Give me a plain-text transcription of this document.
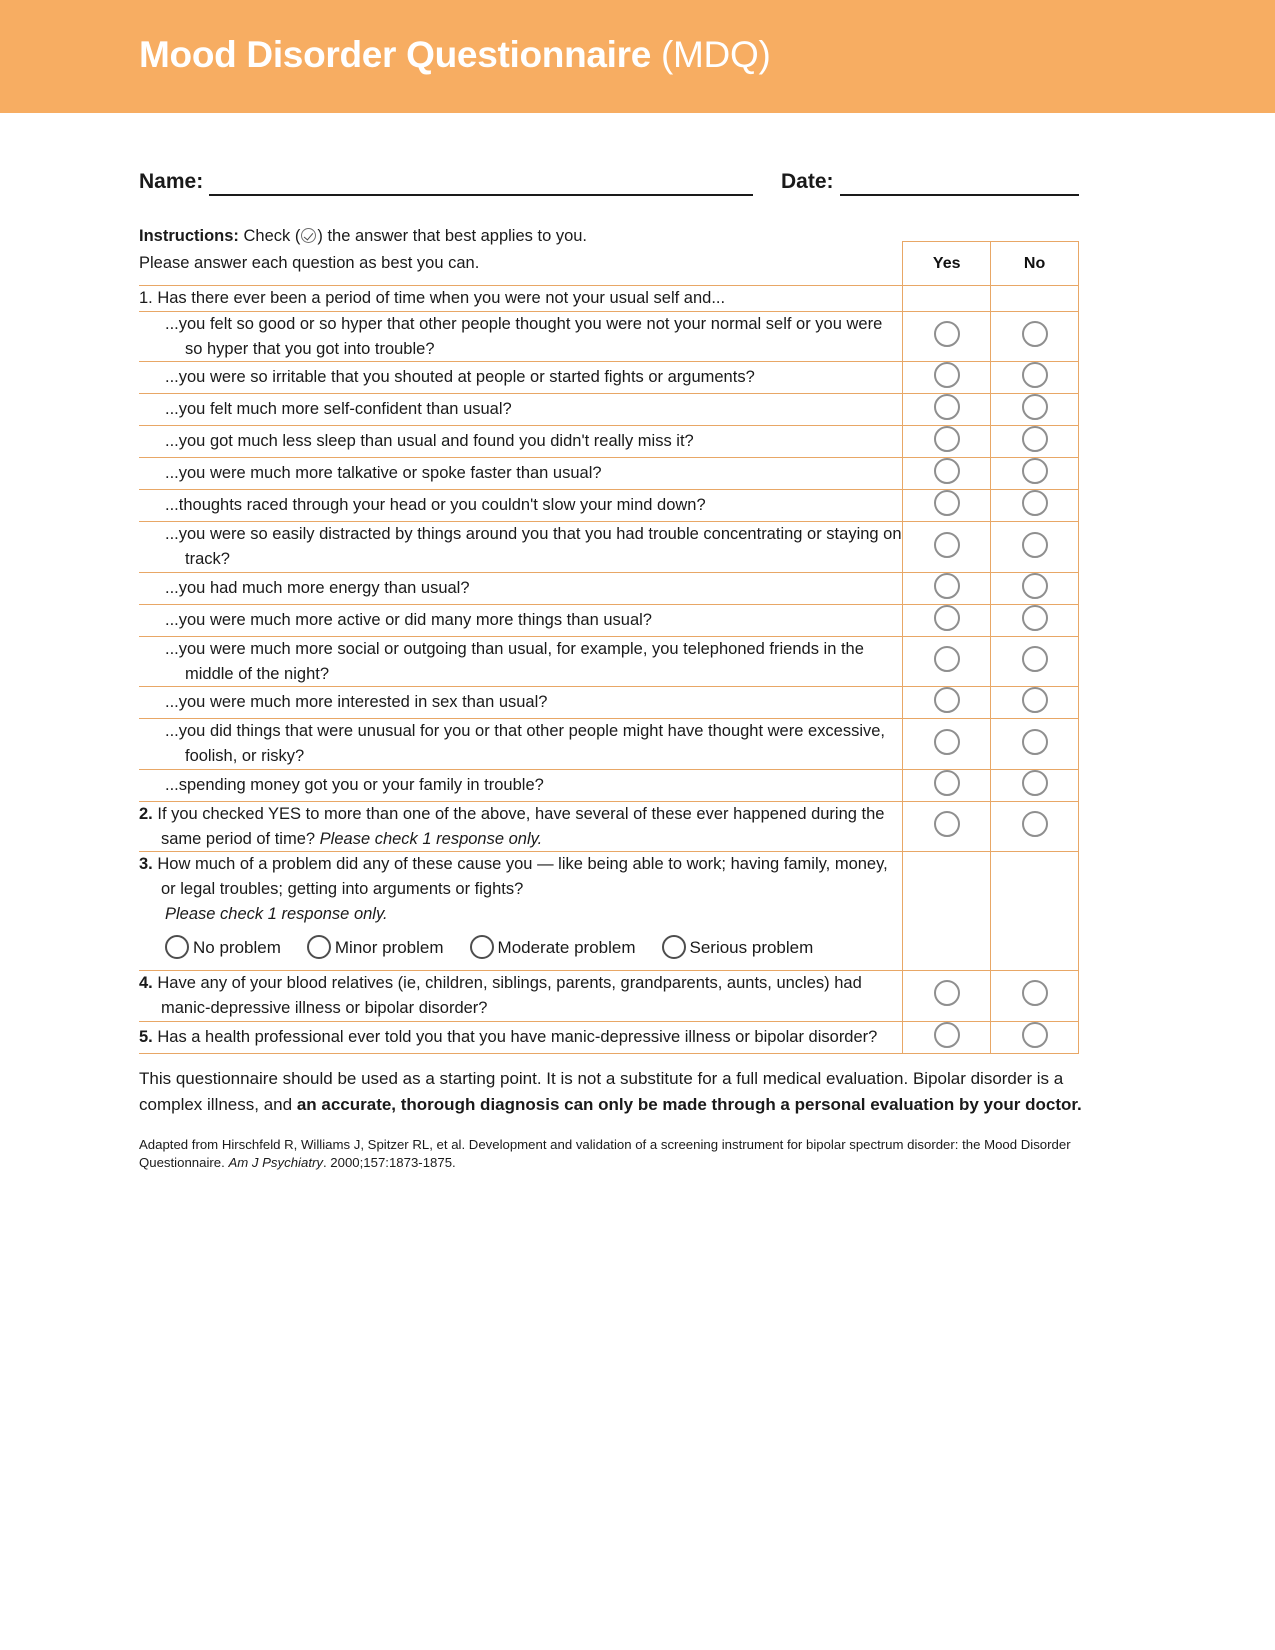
Mood Disorder Questionnaire (MDQ)
Name:	Date:
Instructions: Check ( ) the answer that best applies to you.
Please answer each question as best you can.
		Yes	No

1. Has there ever been a period of time when you were not your usual self and...		

...you felt so good or so hyper that other people thought you were not your normal self or you were so hyper that you got into trouble?		

...you were so irritable that you shouted at people or started fights or arguments?		

...you felt much more self-confident than usual?		

...you got much less sleep than usual and found you didn't really miss it?		

...you were much more talkative or spoke faster than usual?		

...thoughts raced through your head or you couldn't slow your mind down?		

...you were so easily distracted by things around you that you had trouble concentrating or staying on track?		

...you had much more energy than usual?		

...you were much more active or did many more things than usual?		

...you were much more social or outgoing than usual, for example, you telephoned friends in the middle of the night?		

...you were much more interested in sex than usual?		

...you did things that were unusual for you or that other people might have thought were excessive, foolish, or risky?		

...spending money got you or your family in trouble?		

2. If you checked YES to more than one of the above, have several of these ever happened during the same period of time? Please check 1 response only.		

3. How much of a problem did any of these cause you — like being able to work; having family, money, or legal troubles; getting into arguments or fights?
Please check 1 response only.
No problem	Minor problem	Moderate problem	Serious problem

4. Have any of your blood relatives (ie, children, siblings, parents, grandparents, aunts, uncles) had manic-depressive illness or bipolar disorder?		

5. Has a health professional ever told you that you have manic-depressive illness or bipolar disorder?		

This questionnaire should be used as a starting point. It is not a substitute for a full medical evaluation. Bipolar disorder is a complex illness, and an accurate, thorough diagnosis can only be made through a personal evaluation by your doctor.
Adapted from Hirschfeld R, Williams J, Spitzer RL, et al. Development and validation of a screening instrument for bipolar spectrum disorder: the Mood Disorder Questionnaire. Am J Psychiatry. 2000;157:1873-1875.
